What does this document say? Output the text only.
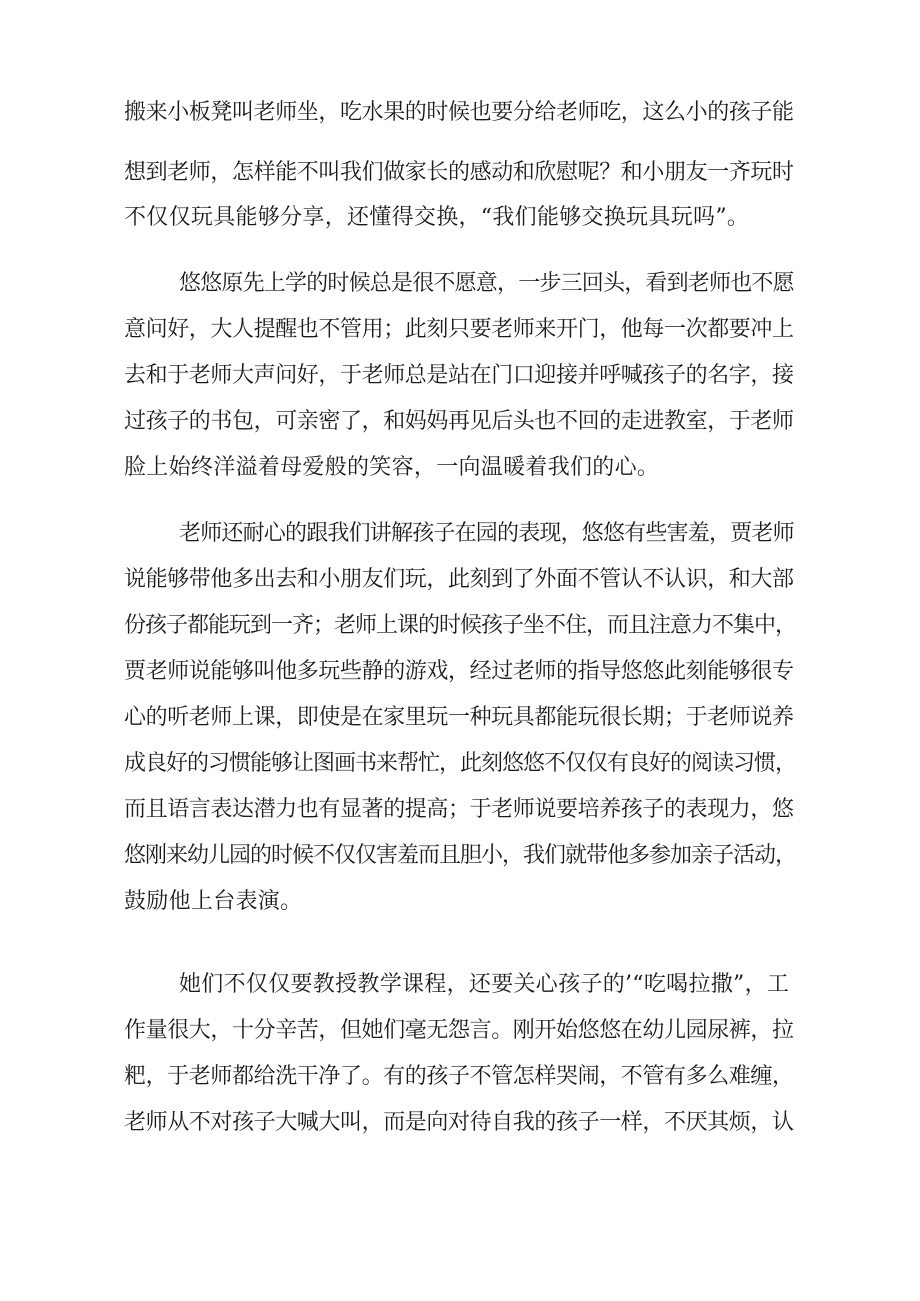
搬来小板凳叫老师坐，吃水果的时候也要分给老师吃，这么小的孩子能
想到老师，怎样能不叫我们做家长的感动和欣慰呢？和小朋友一齐玩时
不仅仅玩具能够分享，还懂得交换，“我们能够交换玩具玩吗”。
悠悠原先上学的时候总是很不愿意，一步三回头，看到老师也不愿
意问好，大人提醒也不管用；此刻只要老师来开门，他每一次都要冲上
去和于老师大声问好，于老师总是站在门口迎接并呼喊孩子的名字，接
过孩子的书包，可亲密了，和妈妈再见后头也不回的走进教室，于老师
脸上始终洋溢着母爱般的笑容，一向温暖着我们的心。
老师还耐心的跟我们讲解孩子在园的表现，悠悠有些害羞，贾老师
说能够带他多出去和小朋友们玩，此刻到了外面不管认不认识，和大部
份孩子都能玩到一齐；老师上课的时候孩子坐不住，而且注意力不集中，
贾老师说能够叫他多玩些静的游戏，经过老师的指导悠悠此刻能够很专
心的听老师上课，即使是在家里玩一种玩具都能玩很长期；于老师说养
成良好的习惯能够让图画书来帮忙，此刻悠悠不仅仅有良好的阅读习惯，
而且语言表达潜力也有显著的提高；于老师说要培养孩子的表现力，悠
悠刚来幼儿园的时候不仅仅害羞而且胆小，我们就带他多参加亲子活动，
鼓励他上台表演。
她们不仅仅要教授教学课程，还要关心孩子的’“吃喝拉撒”，工
作量很大，十分辛苦，但她们毫无怨言。刚开始悠悠在幼儿园尿裤，拉
粑，于老师都给洗干净了。有的孩子不管怎样哭闹，不管有多么难缠，
老师从不对孩子大喊大叫，而是向对待自我的孩子一样，不厌其烦，认
